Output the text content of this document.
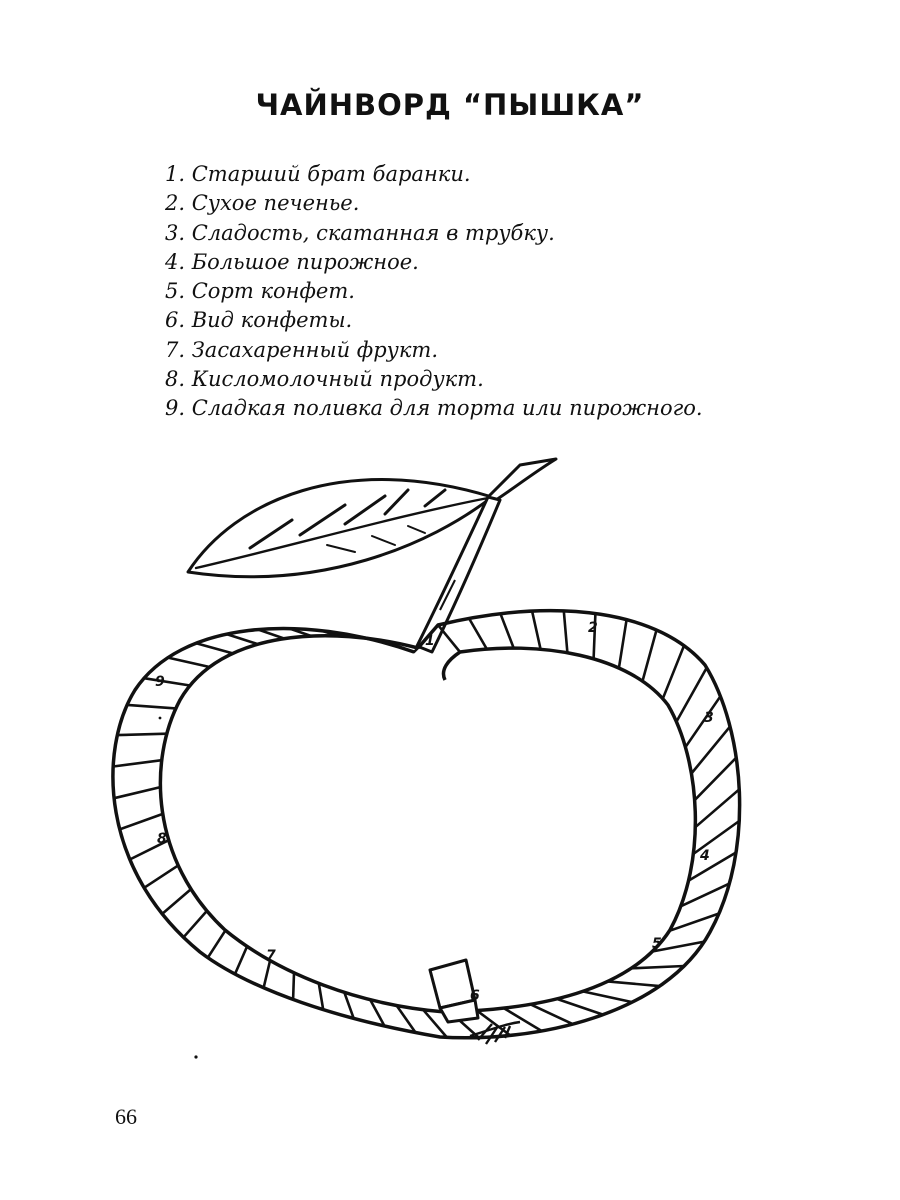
ЧАЙНВОРД “ПЫШКА”
1. Старший брат баранки.
2. Сухое печенье.
3. Сладость, скатанная в трубку.
4. Большое пирожное.
5. Сорт конфет.
6. Вид конфеты.
7. Засахаренный фрукт.
8. Кисломолочный продукт.
9. Сладкая поливка для торта или пирожного.
1
2
3
4
5
6
7
8
9
66
